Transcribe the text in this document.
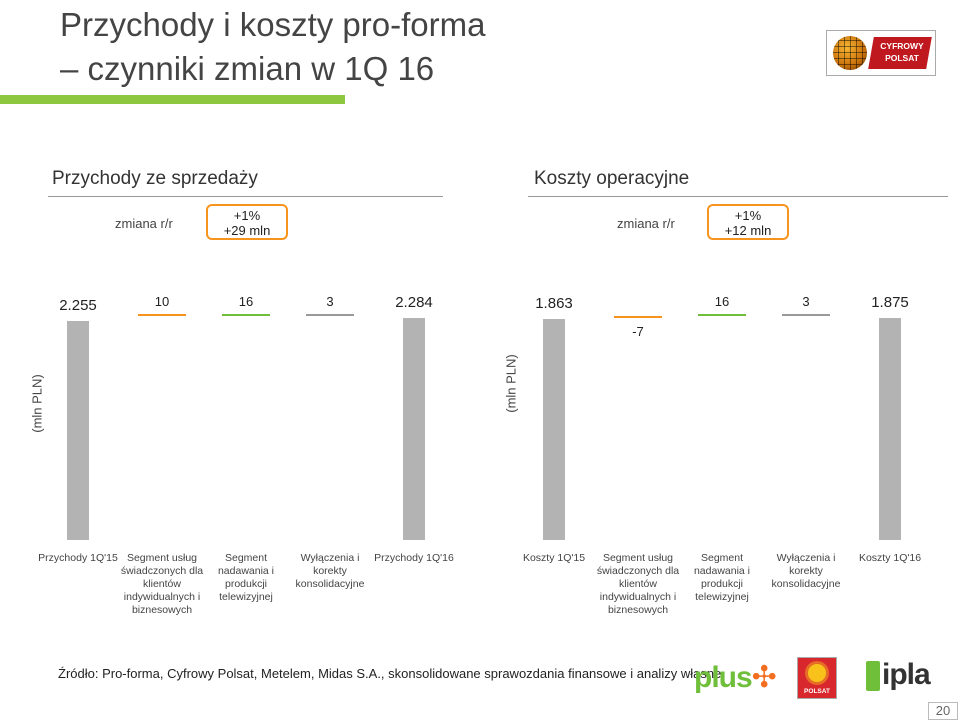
Przychody i koszty pro-forma
– czynniki zmian w 1Q 16
CYFROWY POLSAT
Przychody ze sprzedaży
zmiana r/r
+1%
+29 mln
(mln PLN)
2.255
Przychody 1Q'15
10
Segment usług świadczonych dla klientów indywidualnych i biznesowych
16
Segment nadawania i produkcji telewizyjnej
3
Wyłączenia i korekty konsolidacyjne
2.284
Przychody 1Q'16
Koszty operacyjne
zmiana r/r
+1%
+12 mln
(mln PLN)
1.863
Koszty 1Q'15
-7
Segment usług świadczonych dla klientów indywidualnych i biznesowych
16
Segment nadawania i produkcji telewizyjnej
3
Wyłączenia i korekty konsolidacyjne
1.875
Koszty 1Q'16
Źródło: Pro-forma, Cyfrowy Polsat, Metelem, Midas S.A., skonsolidowane sprawozdania finansowe i analizy własne
plus✣	POLSAT
ipla
20
